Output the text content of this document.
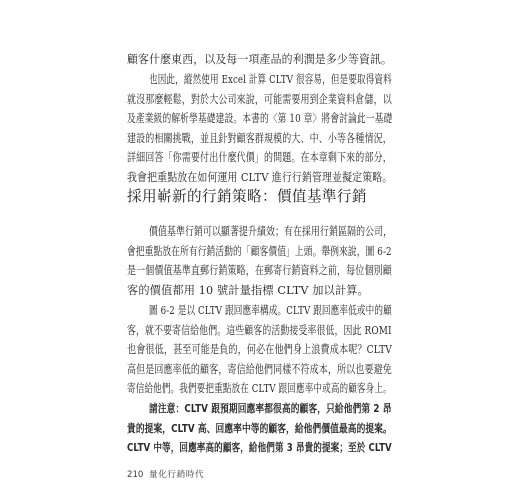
顧客什麼東西，以及每一項產品的利潤是多少等資訊。
也因此，縱然使用 Excel 計算 CLTV 很容易，但是要取得資料
就沒那麼輕鬆，對於大公司來說，可能需要用到企業資料倉儲，以
及產業級的解析學基礎建設。本書的〈第 10 章〉將會討論此一基礎
建設的相關挑戰，並且針對顧客群規模的大、中、小等各種情況，
詳細回答「你需要付出什麼代價」的問題。在本章剩下來的部分，
我會把重點放在如何運用 CLTV 進行行銷管理並擬定策略。
採用嶄新的行銷策略：價值基準行銷
價值基準行銷可以顯著提升績效；有在採用行銷區隔的公司，
會把重點放在所有行銷活動的「顧客價值」上頭。舉例來說，圖 6-2
是一個價值基準直郵行銷策略，在郵寄行銷資料之前，每位個別顧
客的價值都用 10 號計量指標 CLTV 加以計算。
圖 6-2 是以 CLTV 跟回應率構成。CLTV 跟回應率低或中的顧
客，就不要寄信給他們。這些顧客的活動接受率很低，因此 ROMI
也會很低，甚至可能是負的，何必在他們身上浪費成本呢？CLTV
高但是回應率低的顧客，寄信給他們同樣不符成本，所以也要避免
寄信給他們。我們要把重點放在 CLTV 跟回應率中或高的顧客身上。
請注意：CLTV 跟預期回應率都很高的顧客，只給他們第 2 昂
貴的提案，CLTV 高、回應率中等的顧客，給他們價值最高的提案。
CLTV 中等，回應率高的顧客，給他們第 3 昂貴的提案；至於 CLTV
210 量化行銷時代
